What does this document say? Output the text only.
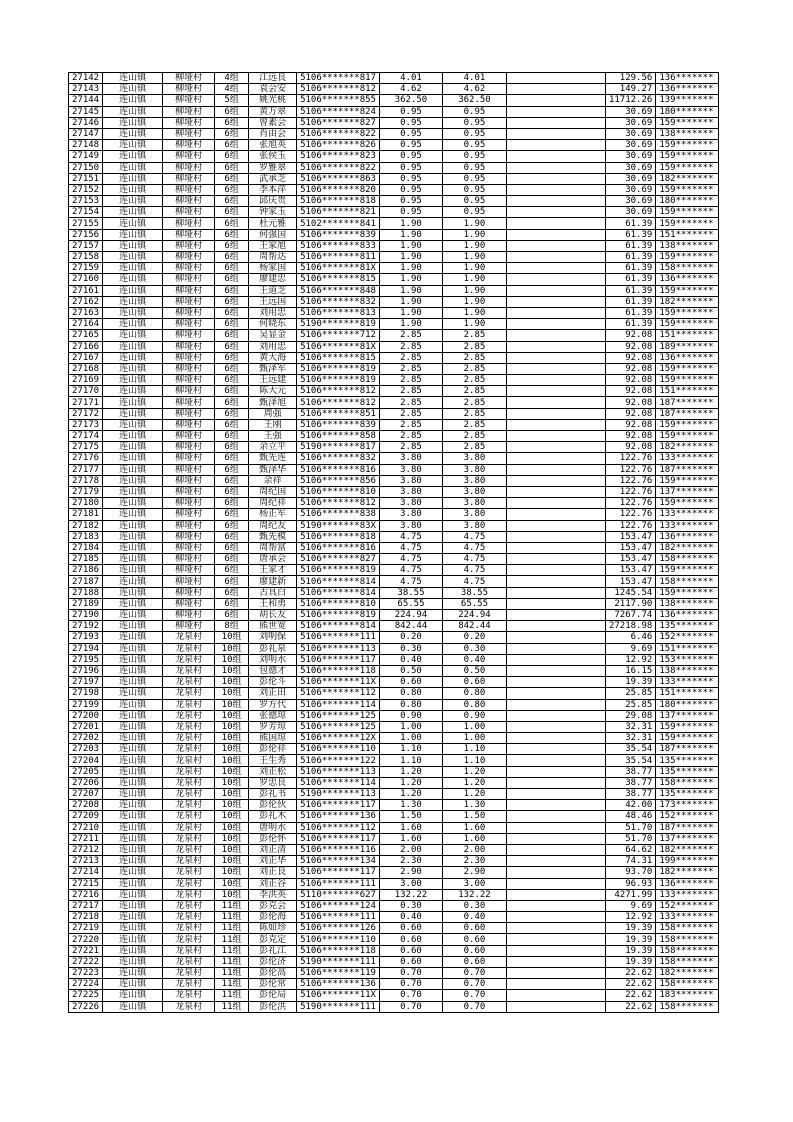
27142	连山镇	柳垭村	4组	江远良	5106*******817	4.01	4.01		129.56	136*******
27143	连山镇	柳垭村	4组	袁会安	5106*******812	4.62	4.62		149.27	136*******
27144	连山镇	柳垭村	5组	姚光桃	5106*******855	362.50	362.50		11712.26	139*******
27145	连山镇	柳垭村	6组	黄万翠	5106*******824	0.95	0.95		30.69	180*******
27146	连山镇	柳垭村	6组	曾素会	5106*******827	0.95	0.95		30.69	159*******
27147	连山镇	柳垭村	6组	肖由会	5106*******822	0.95	0.95		30.69	138*******
27148	连山镇	柳垭村	6组	张旭英	5106*******826	0.95	0.95		30.69	159*******
27149	连山镇	柳垭村	6组	张侯玉	5106*******823	0.95	0.95		30.69	159*******
27150	连山镇	柳垭村	6组	罗雅翠	5106*******822	0.95	0.95		30.69	159*******
27151	连山镇	柳垭村	6组	武承芝	5106*******863	0.95	0.95		30.69	182*******
27152	连山镇	柳垭村	6组	李本萍	5106*******820	0.95	0.95		30.69	159*******
27153	连山镇	柳垭村	6组	邱庆贵	5106*******818	0.95	0.95		30.69	180*******
27154	连山镇	柳垭村	6组	钟家玉	5106*******821	0.95	0.95		30.69	159*******
27155	连山镇	柳垭村	6组	杜元雅	5102*******841	1.90	1.90		61.39	159*******
27156	连山镇	柳垭村	6组	何强国	5106*******839	1.90	1.90		61.39	151*******
27157	连山镇	柳垭村	6组	王家旭	5106*******833	1.90	1.90		61.39	138*******
27158	连山镇	柳垭村	6组	周帮达	5106*******811	1.90	1.90		61.39	159*******
27159	连山镇	柳垭村	6组	杨家国	5106*******81X	1.90	1.90		61.39	158*******
27160	连山镇	柳垭村	6组	廖建忠	5106*******815	1.90	1.90		61.39	136*******
27161	连山镇	柳垭村	6组	王道芝	5106*******848	1.90	1.90		61.39	159*******
27162	连山镇	柳垭村	6组	王远国	5106*******832	1.90	1.90		61.39	182*******
27163	连山镇	柳垭村	6组	刘用忠	5106*******813	1.90	1.90		61.39	159*******
27164	连山镇	柳垭村	6组	何晓东	5190*******819	1.90	1.90		61.39	159*******
27165	连山镇	柳垭村	6组	吴显金	5106*******712	2.85	2.85		92.08	151*******
27166	连山镇	柳垭村	6组	刘用忠	5106*******81X	2.85	2.85		92.08	189*******
27167	连山镇	柳垭村	6组	黄大海	5106*******815	2.85	2.85		92.08	136*******
27168	连山镇	柳垭村	6组	甄泽军	5106*******819	2.85	2.85		92.08	159*******
27169	连山镇	柳垭村	6组	王远建	5106*******819	2.85	2.85		92.08	159*******
27170	连山镇	柳垭村	6组	陈大元	5106*******812	2.85	2.85		92.08	151*******
27171	连山镇	柳垭村	6组	甄泽旭	5106*******812	2.85	2.85		92.08	187*******
27172	连山镇	柳垭村	6组	周强	5106*******851	2.85	2.85		92.08	187*******
27173	连山镇	柳垭村	6组	王刚	5106*******839	2.85	2.85		92.08	159*******
27174	连山镇	柳垭村	6组	王强	5106*******858	2.85	2.85		92.08	159*******
27175	连山镇	柳垭村	6组	余立平	5190*******817	2.85	2.85		92.08	182*******
27176	连山镇	柳垭村	6组	甄先连	5106*******832	3.80	3.80		122.76	133*******
27177	连山镇	柳垭村	6组	甄泽华	5106*******816	3.80	3.80		122.76	187*******
27178	连山镇	柳垭村	6组	余祥	5106*******856	3.80	3.80		122.76	159*******
27179	连山镇	柳垭村	6组	周纪国	5106*******810	3.80	3.80		122.76	137*******
27180	连山镇	柳垭村	6组	周纪祥	5106*******812	3.80	3.80		122.76	159*******
27181	连山镇	柳垭村	6组	杨正军	5106*******838	3.80	3.80		122.76	133*******
27182	连山镇	柳垭村	6组	周纪友	5190*******83X	3.80	3.80		122.76	133*******
27183	连山镇	柳垭村	6组	甄先模	5106*******818	4.75	4.75		153.47	136*******
27184	连山镇	柳垭村	6组	周帮富	5106*******816	4.75	4.75		153.47	182*******
27185	连山镇	柳垭村	6组	唐承会	5106*******827	4.75	4.75		153.47	158*******
27186	连山镇	柳垭村	6组	王家才	5106*******819	4.75	4.75		153.47	159*******
27187	连山镇	柳垭村	6组	廖建新	5106*******814	4.75	4.75		153.47	158*******
27188	连山镇	柳垭村	6组	古具白	5106*******814	38.55	38.55		1245.54	159*******
27189	连山镇	柳垭村	6组	王和勇	5106*******810	65.55	65.55		2117.90	138*******
27190	连山镇	柳垭村	6组	胡长友	5106*******819	224.94	224.94		7267.74	136*******
27192	连山镇	柳垭村	8组	熊世宽	5106*******814	842.44	842.44		27218.98	135*******
27193	连山镇	龙泉村	10组	刘明保	5106*******111	0.20	0.20		6.46	152*******
27194	连山镇	龙泉村	10组	彭礼泉	5106*******113	0.30	0.30		9.69	151*******
27195	连山镇	龙泉村	10组	刘明水	5106*******117	0.40	0.40		12.92	153*******
27196	连山镇	龙泉村	10组	包德才	5106*******118	0.50	0.50		16.15	138*******
27197	连山镇	龙泉村	10组	彭伦斗	5106*******11X	0.60	0.60		19.39	133*******
27198	连山镇	龙泉村	10组	刘正田	5106*******112	0.80	0.80		25.85	151*******
27199	连山镇	龙泉村	10组	罗方代	5106*******114	0.80	0.80		25.85	180*******
27200	连山镇	龙泉村	10组	张德琼	5106*******125	0.90	0.90		29.08	137*******
27201	连山镇	龙泉村	10组	罗芳琼	5106*******125	1.00	1.00		32.31	159*******
27202	连山镇	龙泉村	10组	熊国琼	5106*******12X	1.00	1.00		32.31	159*******
27203	连山镇	龙泉村	10组	彭伦祥	5106*******110	1.10	1.10		35.54	187*******
27204	连山镇	龙泉村	10组	王生秀	5106*******122	1.10	1.10		35.54	135*******
27205	连山镇	龙泉村	10组	刘正松	5106*******113	1.20	1.20		38.77	135*******
27206	连山镇	龙泉村	10组	罗忠良	5106*******114	1.20	1.20		38.77	158*******
27207	连山镇	龙泉村	10组	彭礼书	5190*******113	1.20	1.20		38.77	135*******
27208	连山镇	龙泉村	10组	彭伦伙	5106*******117	1.30	1.30		42.00	173*******
27209	连山镇	龙泉村	10组	彭礼木	5106*******136	1.50	1.50		48.46	152*******
27210	连山镇	龙泉村	10组	唐明水	5106*******112	1.60	1.60		51.70	187*******
27211	连山镇	龙泉村	10组	彭伦怀	5106*******117	1.60	1.60		51.70	137*******
27212	连山镇	龙泉村	10组	刘正清	5106*******116	2.00	2.00		64.62	182*******
27213	连山镇	龙泉村	10组	刘正华	5106*******134	2.30	2.30		74.31	199*******
27214	连山镇	龙泉村	10组	刘正良	5106*******117	2.90	2.90		93.70	182*******
27215	连山镇	龙泉村	10组	刘正谷	5106*******111	3.00	3.00		96.93	136*******
27216	连山镇	龙泉村	10组	李洪英	5110*******627	132.22	132.22		4271.99	133*******
27217	连山镇	龙泉村	11组	彭克会	5106*******124	0.30	0.30		9.69	152*******
27218	连山镇	龙泉村	11组	彭伦海	5106*******111	0.40	0.40		12.92	133*******
27219	连山镇	龙泉村	11组	陈如珍	5106*******126	0.60	0.60		19.39	158*******
27220	连山镇	龙泉村	11组	彭克定	5106*******110	0.60	0.60		19.39	158*******
27221	连山镇	龙泉村	11组	彭礼江	5106*******118	0.60	0.60		19.39	158*******
27222	连山镇	龙泉村	11组	彭伦济	5190*******111	0.60	0.60		19.39	158*******
27223	连山镇	龙泉村	11组	彭伦高	5106*******119	0.70	0.70		22.62	182*******
27224	连山镇	龙泉村	11组	彭伦常	5106*******136	0.70	0.70		22.62	158*******
27225	连山镇	龙泉村	11组	彭伦局	5106*******11X	0.70	0.70		22.62	183*******
27226	连山镇	龙泉村	11组	彭伦洪	5190*******111	0.70	0.70		22.62	158*******
